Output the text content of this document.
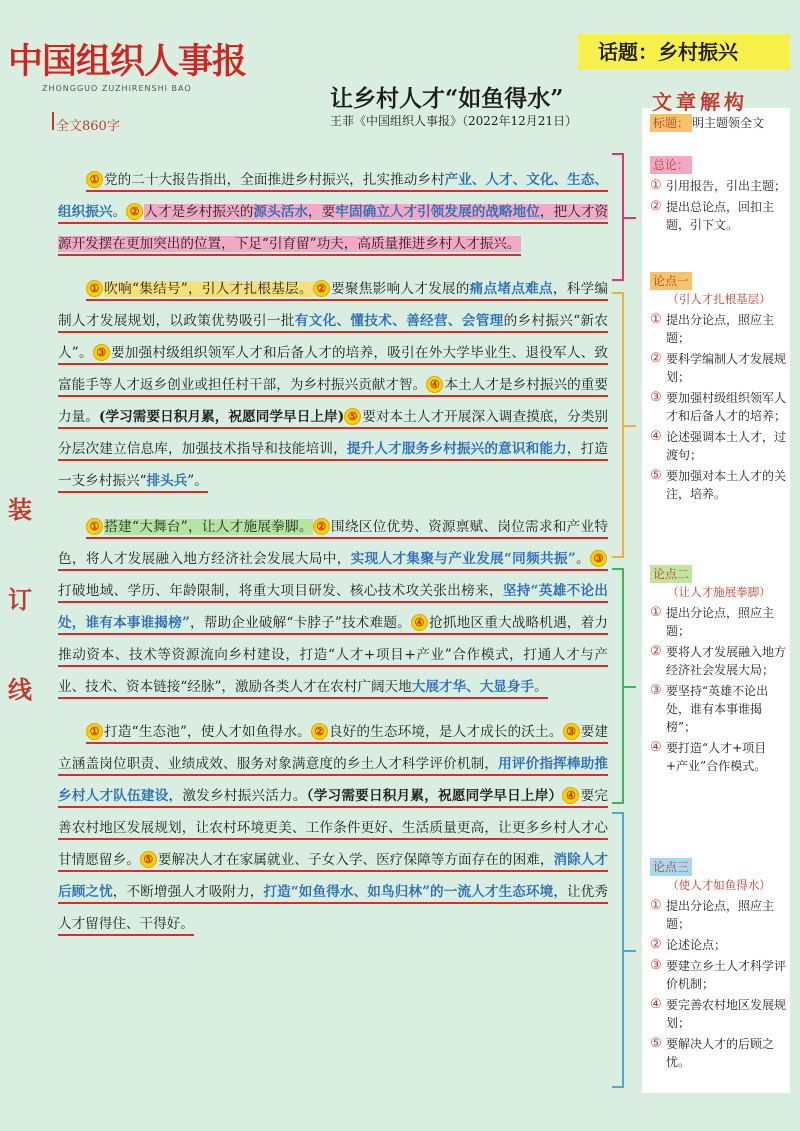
中国组织人事报
ZHONGGUO ZUZHIRENSHI BAO
话题：乡村振兴
让乡村人才“如鱼得水”
王菲《中国组织人事报》（2022年12月21日）
全文860字
装
订
线

① 党的二十大报告指出，全面推进乡村振兴，扎实推动乡村产业、人才、文化、生态、组织振兴。 ② 人才是乡村振兴的源头活水，要牢固确立人才引领发展的战略地位，把人才资源开发摆在更加突出的位置，下足“引育留”功夫，高质量推进乡村人才振兴。

① 吹响“集结号”，引人才扎根基层。 ② 要聚焦影响人才发展的痛点堵点难点，科学编制人才发展规划，以政策优势吸引一批有文化、懂技术、善经营、会管理的乡村振兴“新农人”。 ③ 要加强村级组织领军人才和后备人才的培养，吸引在外大学毕业生、退役军人、致富能手等人才返乡创业或担任村干部，为乡村振兴贡献才智。 ④ 本土人才是乡村振兴的重要力量。(学习需要日积月累，祝愿同学早日上岸) ⑤ 要对本土人才开展深入调查摸底，分类别分层次建立信息库，加强技术指导和技能培训，提升人才服务乡村振兴的意识和能力，打造一支乡村振兴“排头兵”。

① 搭建“大舞台”，让人才施展拳脚。 ② 围绕区位优势、资源禀赋、岗位需求和产业特色，将人才发展融入地方经济社会发展大局中，实现人才集聚与产业发展“同频共振”。 ③打破地域、学历、年龄限制，将重大项目研发、核心技术攻关张出榜来，坚持“英雄不论出处，谁有本事谁揭榜”，帮助企业破解“卡脖子”技术难题。 ④ 抢抓地区重大战略机遇，着力推动资本、技术等资源流向乡村建设，打造“人才+项目+产业”合作模式，打通人才与产业、技术、资本链接“经脉”，激励各类人才在农村广阔天地大展才华、大显身手。

① 打造“生态池”，使人才如鱼得水。 ② 良好的生态环境，是人才成长的沃土。 ③ 要建立涵盖岗位职责、业绩成效、服务对象满意度的乡土人才科学评价机制，用评价指挥棒助推乡村人才队伍建设，激发乡村振兴活力。（学习需要日积月累，祝愿同学早日上岸） ④ 要完善农村地区发展规划，让农村环境更美、工作条件更好、生活质量更高，让更多乡村人才心甘情愿留乡。 ⑤ 要解决人才在家属就业、子女入学、医疗保障等方面存在的困难，消除人才后顾之忧，不断增强人才吸附力，打造“如鱼得水、如鸟归林”的一流人才生态环境，让优秀人才留得住、干得好。

文章解构
标题： 明主题领全文
总论：
① 引用报告，引出主题；
② 提出总论点，回扣主题，引下文。
论点一
（引人才扎根基层）
① 提出分论点，照应主题；
② 要科学编制人才发展规划；
③ 要加强村级组织领军人才和后备人才的培养；
④ 论述强调本土人才，过渡句；
⑤ 要加强对本土人才的关注，培养。
论点二
（让人才施展拳脚）
① 提出分论点，照应主题；
② 要将人才发展融入地方经济社会发展大局；
③ 要坚持“英雄不论出处，谁有本事谁揭榜”；
④ 要打造“人才+项目+产业”合作模式。
论点三
（使人才如鱼得水）
① 提出分论点，照应主题；
② 论述论点；
③ 要建立乡土人才科学评价机制；
④ 要完善农村地区发展规划；
⑤ 要解决人才的后顾之忧。
